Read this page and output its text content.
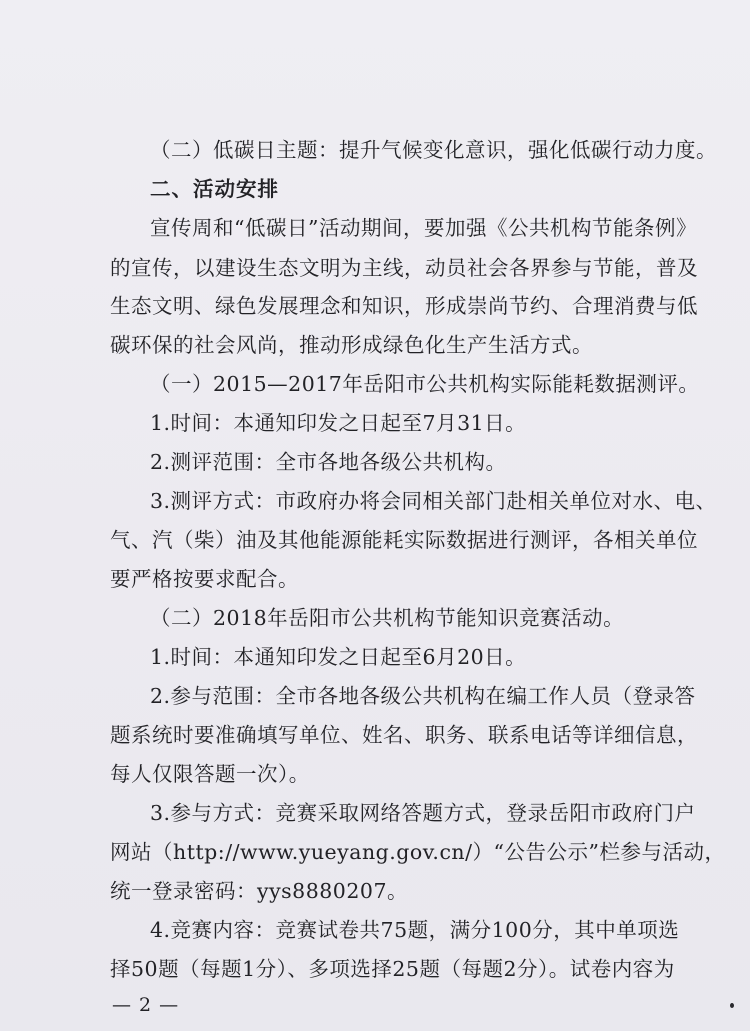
（二）低碳日主题：提升气候变化意识，强化低碳行动力度。
二、活动安排
宣传周和“低碳日”活动期间，要加强《公共机构节能条例》
的宣传，以建设生态文明为主线，动员社会各界参与节能，普及
生态文明、绿色发展理念和知识，形成崇尚节约、合理消费与低
碳环保的社会风尚，推动形成绿色化生产生活方式。
（一）2015—2017年岳阳市公共机构实际能耗数据测评。
1.时间：本通知印发之日起至7月31日。
2.测评范围：全市各地各级公共机构。
3.测评方式：市政府办将会同相关部门赴相关单位对水、电、
气、汽（柴）油及其他能源能耗实际数据进行测评，各相关单位
要严格按要求配合。
（二）2018年岳阳市公共机构节能知识竞赛活动。
1.时间：本通知印发之日起至6月20日。
2.参与范围：全市各地各级公共机构在编工作人员（登录答
题系统时要准确填写单位、姓名、职务、联系电话等详细信息，
每人仅限答题一次）。
3.参与方式：竞赛采取网络答题方式，登录岳阳市政府门户
网站（http://www.yueyang.gov.cn/）“公告公示”栏参与活动，
统一登录密码：yys8880207。
4.竞赛内容：竞赛试卷共75题，满分100分，其中单项选
择50题（每题1分）、多项选择25题（每题2分）。试卷内容为
— 2 —
